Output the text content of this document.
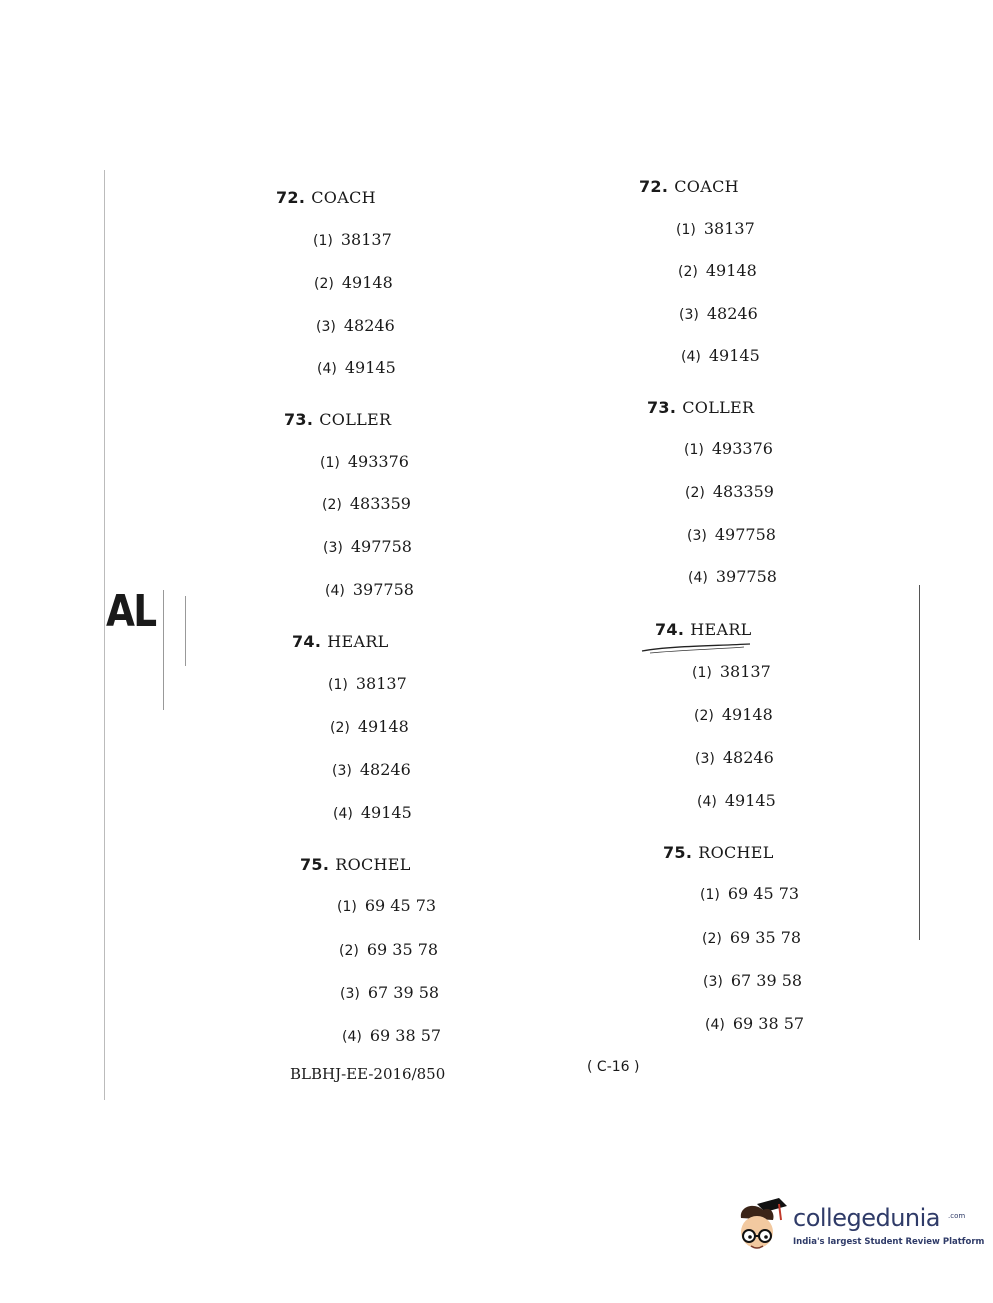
AL
72. COACH
(1) 38137
(2) 49148
(3) 48246
(4) 49145
73. COLLER
(1) 493376
(2) 483359
(3) 497758
(4) 397758
74. HEARL
(1) 38137
(2) 49148
(3) 48246
(4) 49145
75. ROCHEL
(1) 69 45 73
(2) 69 35 78
(3) 67 39 58
(4) 69 38 57
72. COACH
(1) 38137
(2) 49148
(3) 48246
(4) 49145
73. COLLER
(1) 493376
(2) 483359
(3) 497758
(4) 397758
74. HEARL
(1) 38137
(2) 49148
(3) 48246
(4) 49145
75. ROCHEL
(1) 69 45 73
(2) 69 35 78
(3) 67 39 58
(4) 69 38 57
BLBHJ-EE-2016/850	( C-16 )
collegedunia .com
India's largest Student Review Platform
